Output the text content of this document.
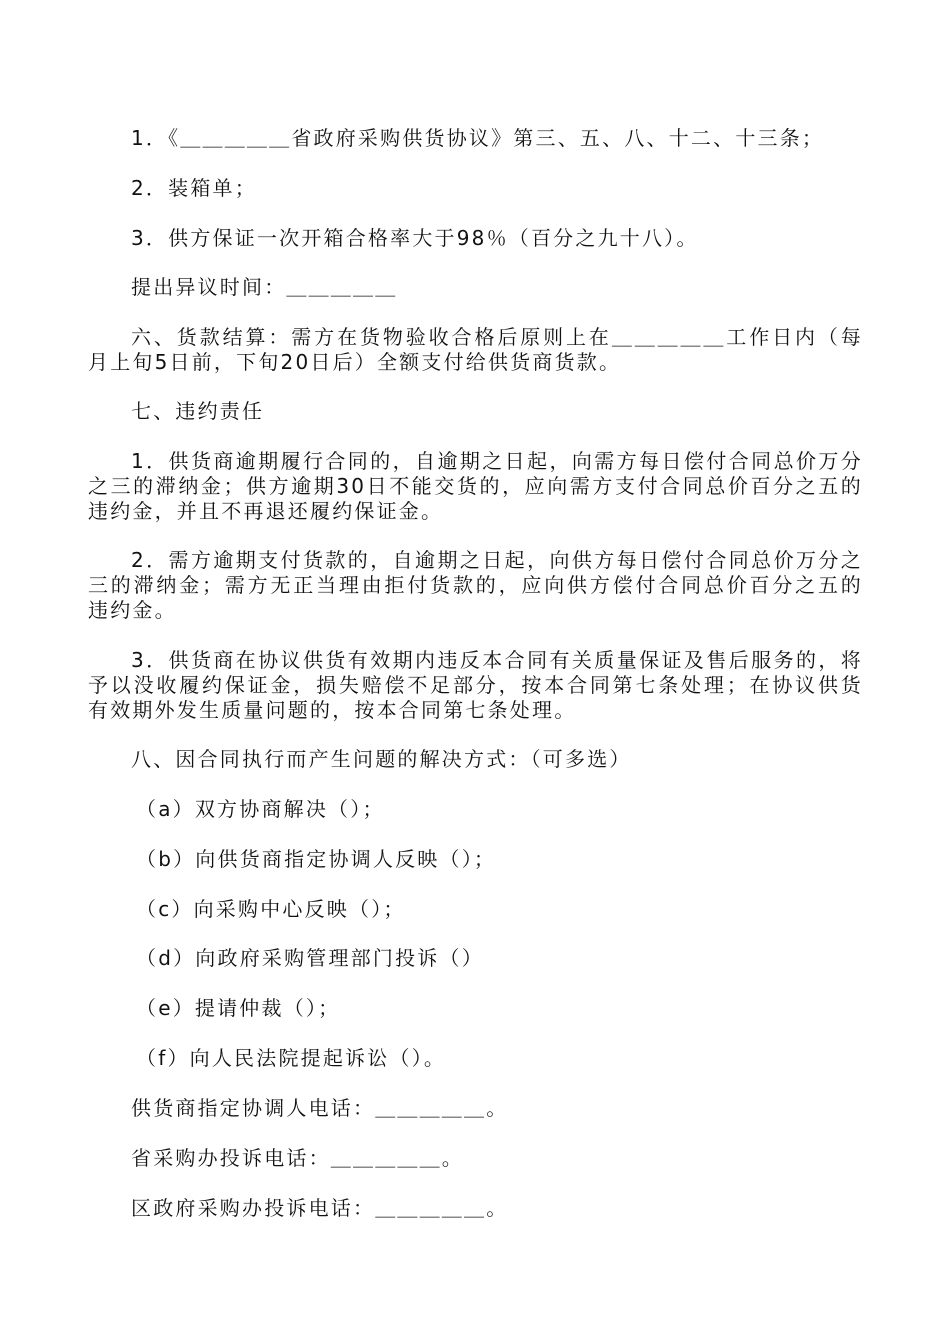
1．《＿＿＿＿＿省政府采购供货协议》第三、五、八、十二、十三条；
2．装箱单；
3．供方保证一次开箱合格率大于98％（百分之九十八）。
提出异议时间：＿＿＿＿＿
六、货款结算：需方在货物验收合格后原则上在＿＿＿＿＿工作日内（每月上旬5日前，下旬20日后）全额支付给供货商货款。
七、违约责任
1．供货商逾期履行合同的，自逾期之日起，向需方每日偿付合同总价万分之三的滞纳金；供方逾期30日不能交货的，应向需方支付合同总价百分之五的违约金，并且不再退还履约保证金。
2．需方逾期支付货款的，自逾期之日起，向供方每日偿付合同总价万分之三的滞纳金；需方无正当理由拒付货款的，应向供方偿付合同总价百分之五的违约金。
3．供货商在协议供货有效期内违反本合同有关质量保证及售后服务的，将予以没收履约保证金，损失赔偿不足部分，按本合同第七条处理；在协议供货有效期外发生质量问题的，按本合同第七条处理。
八、因合同执行而产生问题的解决方式：（可多选）
（a）双方协商解决（）；
（b）向供货商指定协调人反映（）；
（c）向采购中心反映（）；
（d）向政府采购管理部门投诉（）
（e）提请仲裁（）；
（f）向人民法院提起诉讼（）。
供货商指定协调人电话：＿＿＿＿＿。
省采购办投诉电话：＿＿＿＿＿。
区政府采购办投诉电话：＿＿＿＿＿。
